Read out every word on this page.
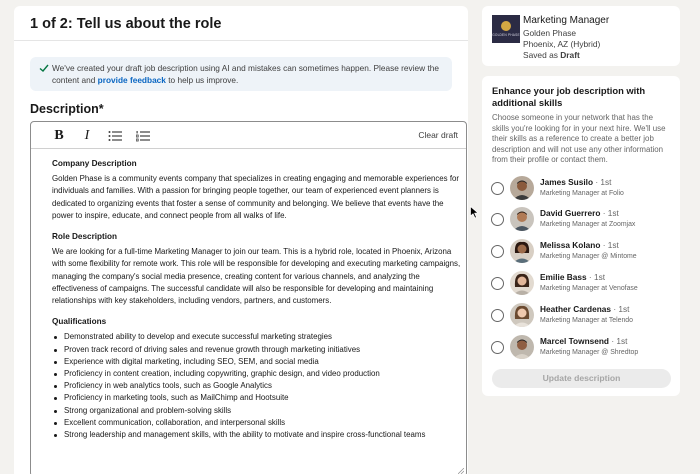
1 of 2: Tell us about the role
We've created your draft job description using AI and mistakes can sometimes happen. Please review the content and provide feedback to help us improve.
Description*
B	I	Clear draft
Company Description

Golden Phase is a community events company that specializes in creating engaging and memorable experiences for individuals and families. With a passion for bringing people together, our team of experienced event planners is dedicated to organizing events that foster a sense of community and belonging. We believe that events have the power to inspire, educate, and connect people from all walks of life.

Role Description

We are looking for a full-time Marketing Manager to join our team. This is a hybrid role, located in Phoenix, Arizona with some flexibility for remote work. This role will be responsible for developing and executing marketing campaigns, managing the company's social media presence, creating content for various channels, and analyzing the effectiveness of campaigns. The successful candidate will also be responsible for developing and maintaining relationships with key stakeholders, including vendors, partners, and customers.

Qualifications
Demonstrated ability to develop and execute successful marketing strategies
Proven track record of driving sales and revenue growth through marketing initiatives
Experience with digital marketing, including SEO, SEM, and social media
Proficiency in content creation, including copywriting, graphic design, and video production
Proficiency in web analytics tools, such as Google Analytics
Proficiency in marketing tools, such as MailChimp and Hootsuite
Strong organizational and problem-solving skills
Excellent communication, collaboration, and interpersonal skills
Strong leadership and management skills, with the ability to motivate and inspire cross-functional teams
GOLDEN PHASE
Marketing Manager
Golden Phase
Phoenix, AZ (Hybrid)
Saved as Draft
Enhance your job description with additional skills
Choose someone in your network that has the skills you're looking for in your next hire. We'll use their skills as a reference to create a better job description and will not use any other information from their profile or contact them.
James Susilo · 1st
Marketing Manager at Folio
David Guerrero · 1st
Marketing Manager at Zoomjax
Melissa Kolano · 1st
Marketing Manager @ Mintome
Emilie Bass · 1st
Marketing Manager at Venofase
Heather Cardenas · 1st
Marketing Manager at Telendo
Marcel Townsend · 1st
Marketing Manager @ Shredtop
Update description
